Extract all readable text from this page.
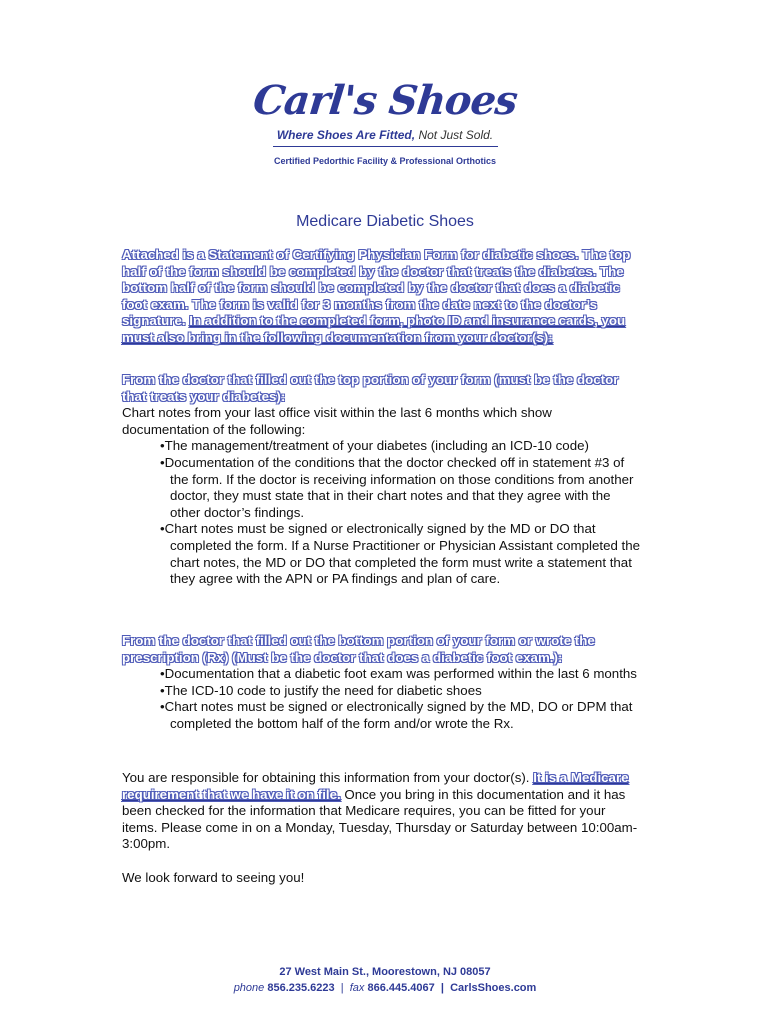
Carl's Shoes
Where Shoes Are Fitted, Not Just Sold.
Certified Pedorthic Facility & Professional Orthotics
Medicare Diabetic Shoes
Attached is a Statement of Certifying Physician Form for diabetic shoes. The top half of the form should be completed by the doctor that treats the diabetes. The bottom half of the form should be completed by the doctor that does a diabetic foot exam. The form is valid for 3 months from the date next to the doctor’s signature. In addition to the completed form, photo ID and insurance cards, you must also bring in the following documentation from your doctor(s):
From the doctor that filled out the top portion of your form (must be the doctor that treats your diabetes):
Chart notes from your last office visit within the last 6 months which show documentation of the following:
• The management/treatment of your diabetes (including an ICD-10 code)
• Documentation of the conditions that the doctor checked off in statement #3 of the form. If the doctor is receiving information on those conditions from another doctor, they must state that in their chart notes and that they agree with the other doctor’s findings.
• Chart notes must be signed or electronically signed by the MD or DO that completed the form. If a Nurse Practitioner or Physician Assistant completed the chart notes, the MD or DO that completed the form must write a statement that they agree with the APN or PA findings and plan of care.
From the doctor that filled out the bottom portion of your form or wrote the prescription (Rx) (Must be the doctor that does a diabetic foot exam.):
• Documentation that a diabetic foot exam was performed within the last 6 months
• The ICD-10 code to justify the need for diabetic shoes
• Chart notes must be signed or electronically signed by the MD, DO or DPM that completed the bottom half of the form and/or wrote the Rx.
You are responsible for obtaining this information from your doctor(s). It is a Medicare requirement that we have it on file. Once you bring in this documentation and it has been checked for the information that Medicare requires, you can be fitted for your items. Please come in on a Monday, Tuesday, Thursday or Saturday between 10:00am-3:00pm.
We look forward to seeing you!
27 West Main St., Moorestown, NJ 08057
phone 856.235.6223  |  fax 866.445.4067 | CarlsShoes.com
